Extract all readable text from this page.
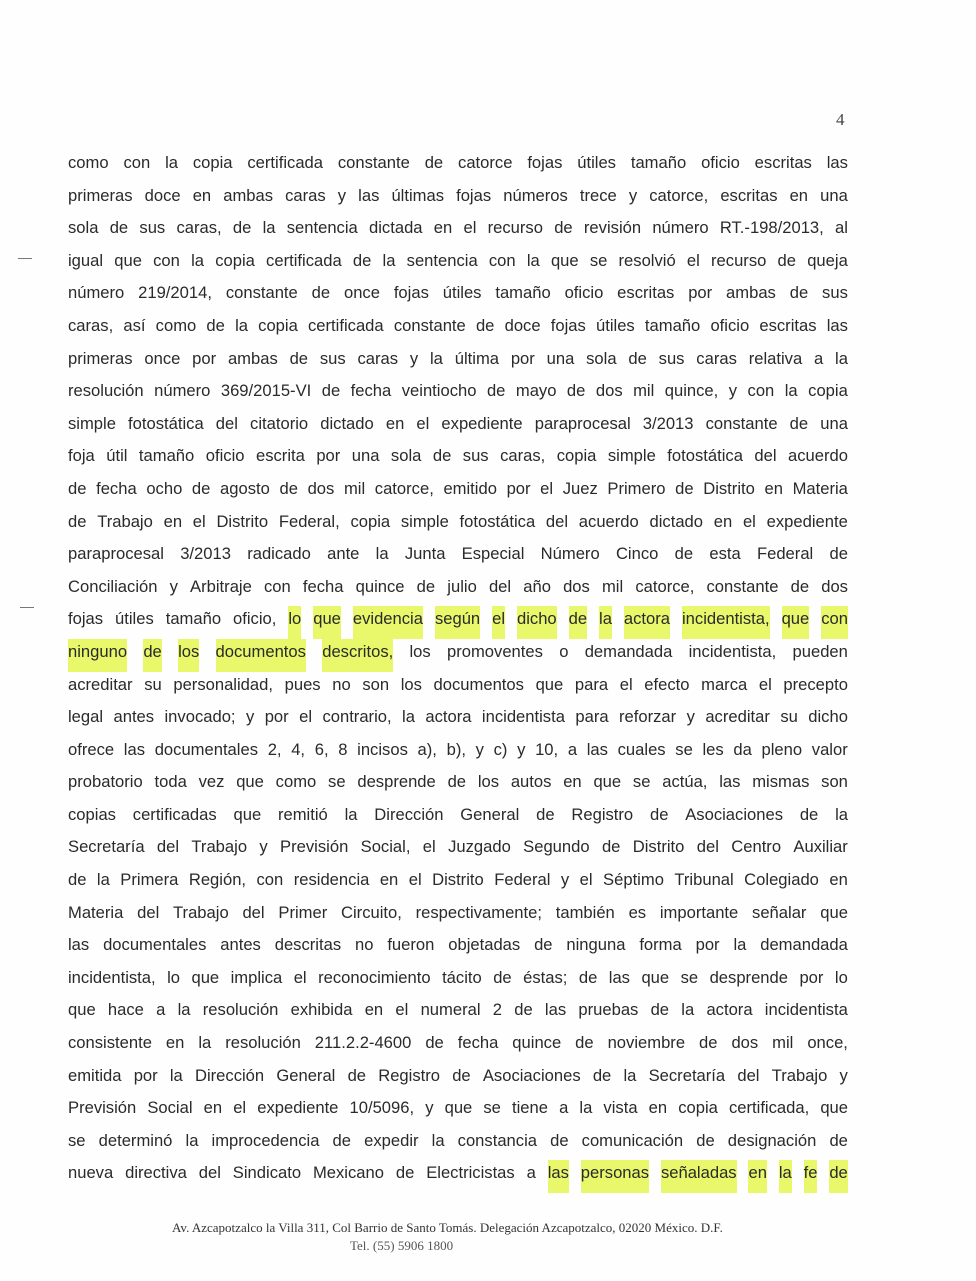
4
como con la copia certificada constante de catorce fojas útiles tamaño oficio escritas las
primeras doce en ambas caras y las últimas fojas números trece y catorce, escritas en una
sola de sus caras, de la sentencia dictada en el recurso de revisión número RT.-198/2013, al
igual que con la copia certificada de la sentencia con la que se resolvió el recurso de queja
número 219/2014, constante de once fojas útiles tamaño oficio escritas por ambas de sus
caras, así como de la copia certificada constante de doce fojas útiles tamaño oficio escritas las
primeras once por ambas de sus caras y la última por una sola de sus caras relativa a la
resolución número 369/2015-VI de fecha veintiocho de mayo de dos mil quince, y con la copia
simple fotostática del citatorio dictado en el expediente paraprocesal 3/2013 constante de una
foja útil tamaño oficio escrita por una sola de sus caras, copia simple fotostática del acuerdo
de fecha ocho de agosto de dos mil catorce, emitido por el Juez Primero de Distrito en Materia
de Trabajo en el Distrito Federal, copia simple fotostática del acuerdo dictado en el expediente
paraprocesal 3/2013 radicado ante la Junta Especial Número Cinco de esta Federal de
Conciliación y Arbitraje con fecha quince de julio del año dos mil catorce, constante de dos
fojas útiles tamaño oficio, lo que evidencia según el dicho de la actora incidentista, que con
ninguno de los documentos descritos, los promoventes o demandada incidentista, pueden
acreditar su personalidad, pues no son los documentos que para el efecto marca el precepto
legal antes invocado; y por el contrario, la actora incidentista para reforzar y acreditar su dicho
ofrece las documentales 2, 4, 6, 8 incisos a), b), y c) y 10, a las cuales se les da pleno valor
probatorio toda vez que como se desprende de los autos en que se actúa, las mismas son
copias certificadas que remitió la Dirección General de Registro de Asociaciones de la
Secretaría del Trabajo y Previsión Social, el Juzgado Segundo de Distrito del Centro Auxiliar
de la Primera Región, con residencia en el Distrito Federal y el Séptimo Tribunal Colegiado en
Materia del Trabajo del Primer Circuito, respectivamente; también es importante señalar que
las documentales antes descritas no fueron objetadas de ninguna forma por la demandada
incidentista, lo que implica el reconocimiento tácito de éstas; de las que se desprende por lo
que hace a la resolución exhibida en el numeral 2 de las pruebas de la actora incidentista
consistente en la resolución 211.2.2-4600 de fecha quince de noviembre de dos mil once,
emitida por la Dirección General de Registro de Asociaciones de la Secretaría del Trabajo y
Previsión Social en el expediente 10/5096, y que se tiene a la vista en copia certificada, que
se determinó la improcedencia de expedir la constancia de comunicación de designación de
nueva directiva del Sindicato Mexicano de Electricistas a las personas señaladas en la fe de
Av. Azcapotzalco la Villa 311, Col Barrio de Santo Tomás. Delegación Azcapotzalco, 02020 México. D.F.
Tel. (55) 5906 1800
